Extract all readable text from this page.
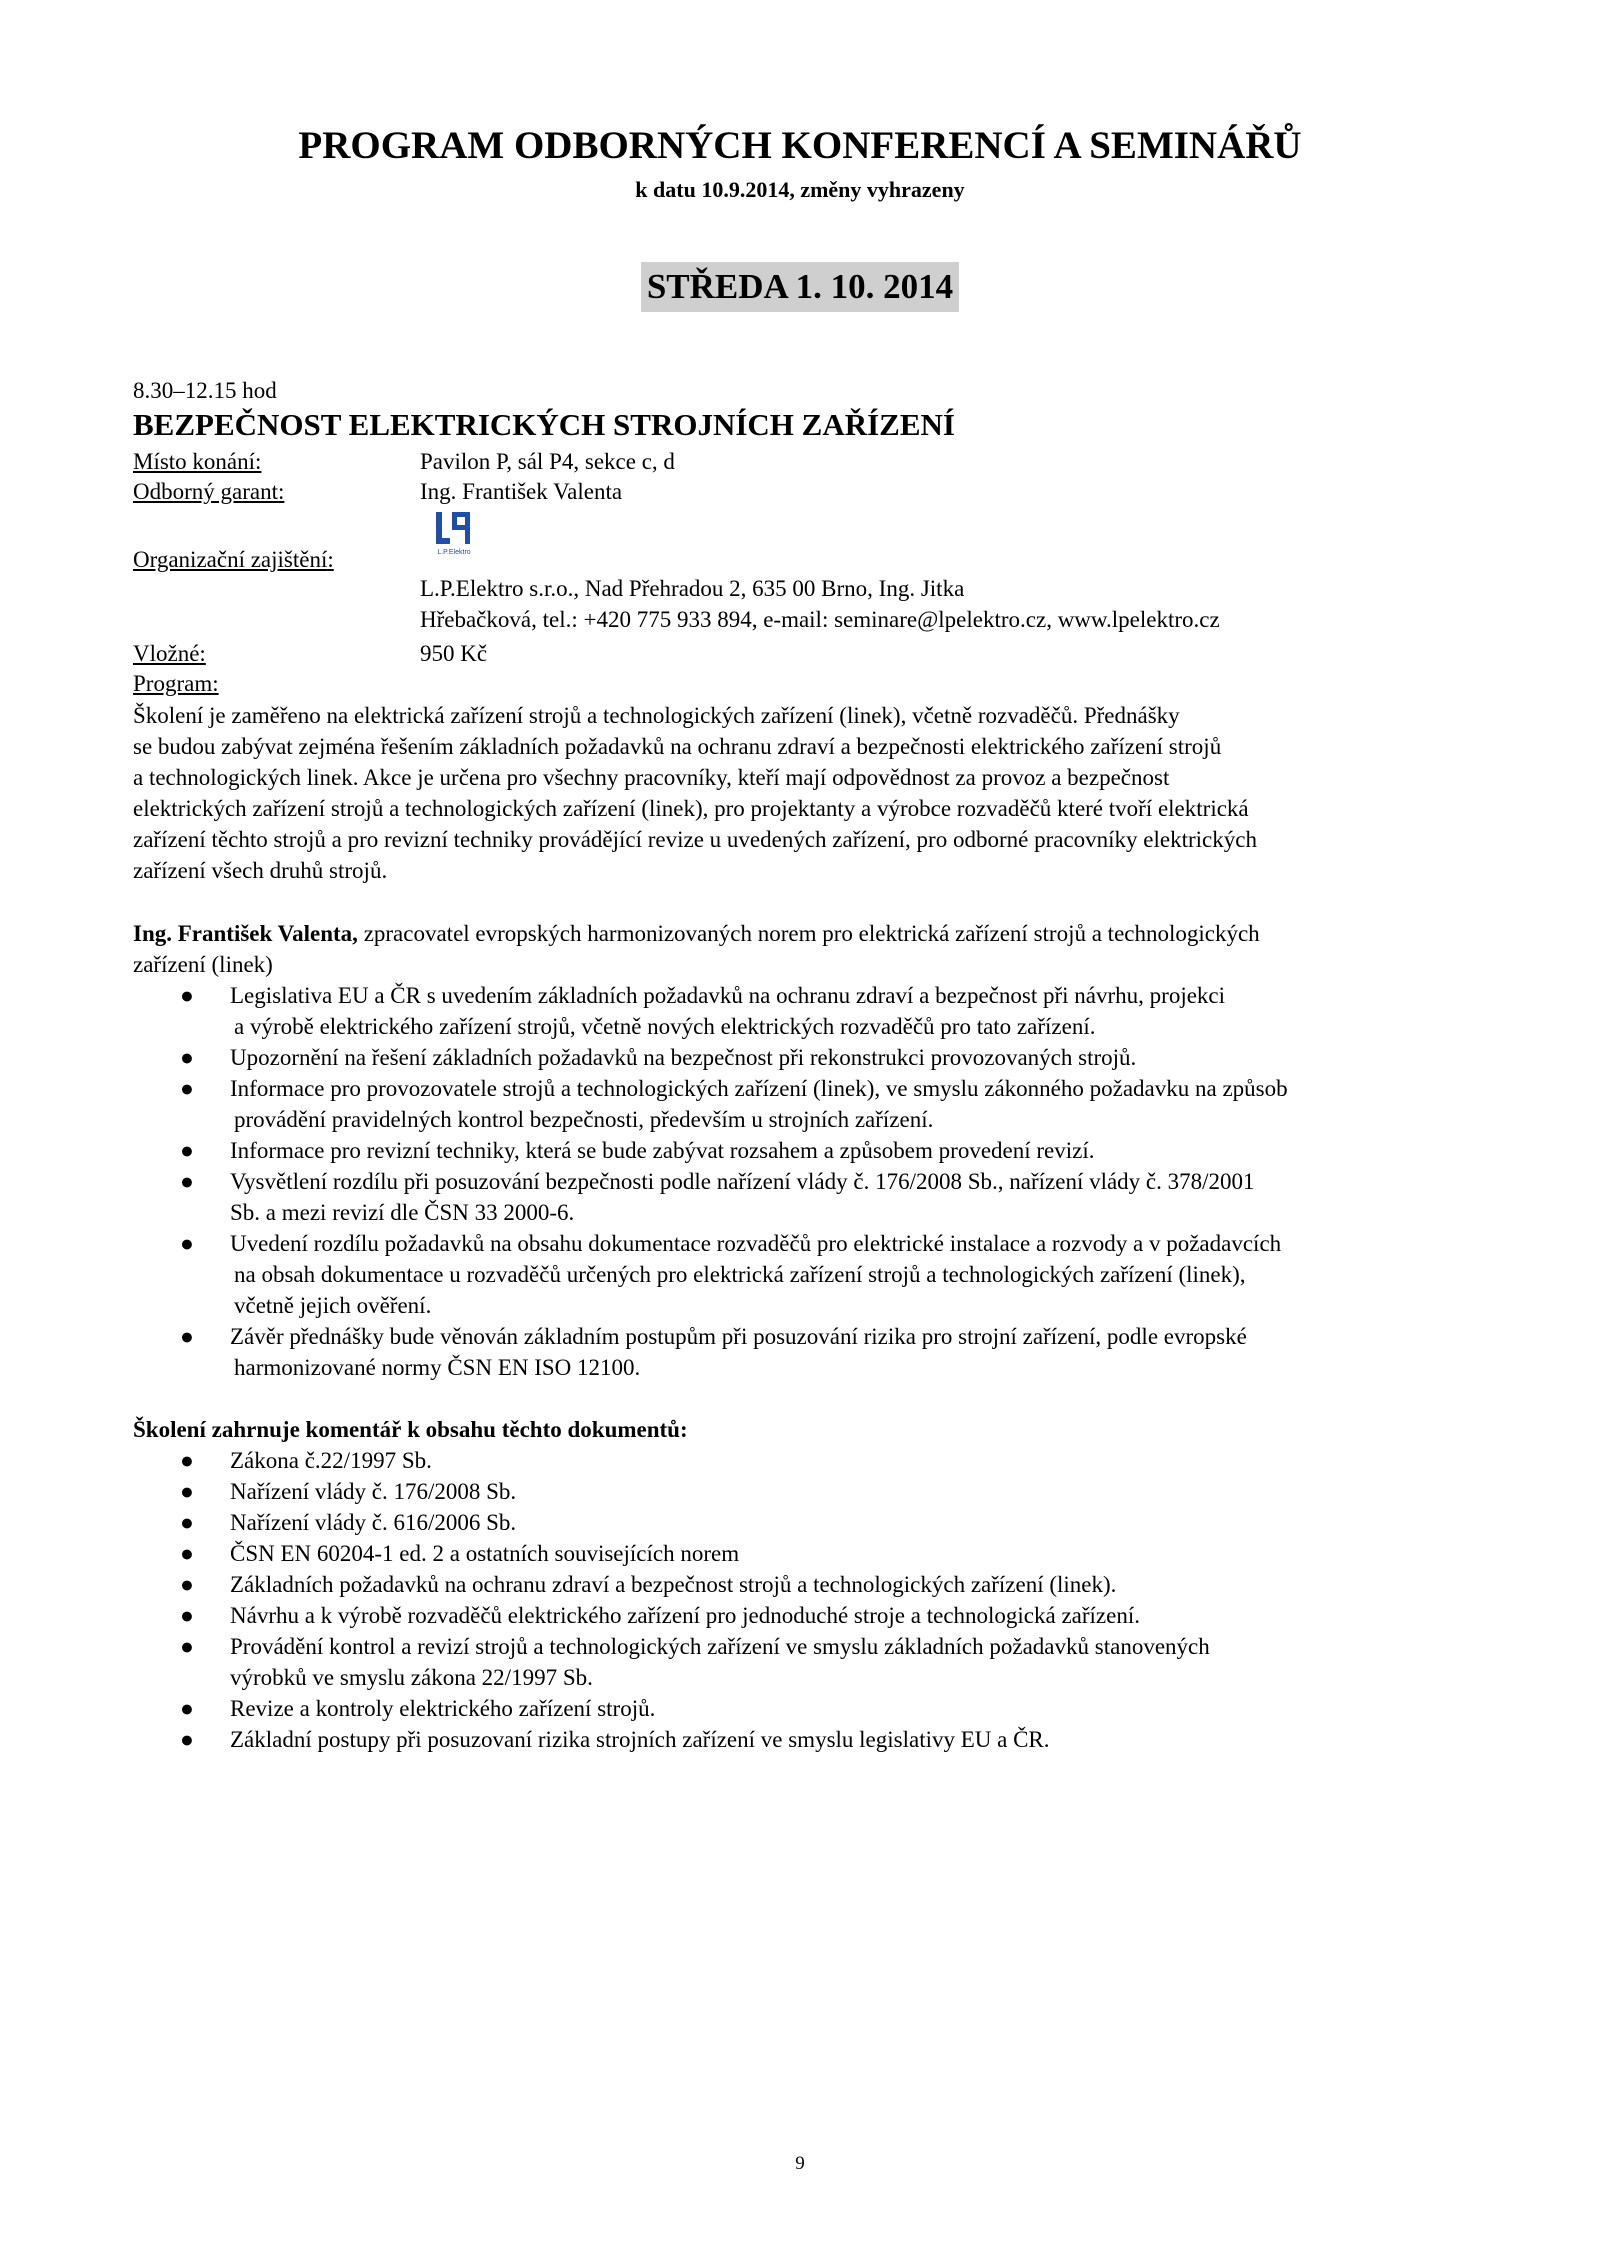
PROGRAM ODBORNÝCH KONFERENCÍ A SEMINÁŘŮ
k datu 10.9.2014, změny vyhrazeny
STŘEDA 1. 10. 2014
8.30–12.15 hod
BEZPEČNOST ELEKTRICKÝCH STROJNÍCH ZAŘÍZENÍ
Místo konání:	Pavilon P, sál P4, sekce c, d
Odborný garant:	Ing. František Valenta
Organizační zajištění:	L.P.Elektro
L.P.Elektro s.r.o., Nad Přehradou 2, 635 00 Brno, Ing. Jitka
Hřebačková, tel.: +420 775 933 894, e-mail: seminare@lpelektro.cz, www.lpelektro.cz
Vložné:	950 Kč
Program:
Školení je zaměřeno na elektrická zařízení strojů a technologických zařízení (linek), včetně rozvaděčů. Přednášky
se budou zabývat zejména řešením základních požadavků na ochranu zdraví a bezpečnosti elektrického zařízení strojů
a technologických linek. Akce je určena pro všechny pracovníky, kteří mají odpovědnost za provoz a bezpečnost
elektrických zařízení strojů a technologických zařízení (linek), pro projektanty a výrobce rozvaděčů které tvoří elektrická
zařízení těchto strojů a pro revizní techniky provádějící revize u uvedených zařízení, pro odborné pracovníky elektrických
zařízení všech druhů strojů.
Ing. František Valenta, zpracovatel evropských harmonizovaných norem pro elektrická zařízení strojů a technologických
zařízení (linek)
● Legislativa EU a ČR s uvedením základních požadavků na ochranu zdraví a bezpečnost při návrhu, projekci
a výrobě elektrického zařízení strojů, včetně nových elektrických rozvaděčů pro tato zařízení.
● Upozornění na řešení základních požadavků na bezpečnost při rekonstrukci provozovaných strojů.
● Informace pro provozovatele strojů a technologických zařízení (linek), ve smyslu zákonného požadavku na způsob
provádění pravidelných kontrol bezpečnosti, především u strojních zařízení.
● Informace pro revizní techniky, která se bude zabývat rozsahem a způsobem provedení revizí.
● Vysvětlení rozdílu při posuzování bezpečnosti podle nařízení vlády č. 176/2008 Sb., nařízení vlády č. 378/2001
Sb. a mezi revizí dle ČSN 33 2000-6.
● Uvedení rozdílu požadavků na obsahu dokumentace rozvaděčů pro elektrické instalace a rozvody a v požadavcích
na obsah dokumentace u rozvaděčů určených pro elektrická zařízení strojů a technologických zařízení (linek),
včetně jejich ověření.
● Závěr přednášky bude věnován základním postupům při posuzování rizika pro strojní zařízení, podle evropské
harmonizované normy ČSN EN ISO 12100.
Školení zahrnuje komentář k obsahu těchto dokumentů:
● Zákona č.22/1997 Sb.
● Nařízení vlády č. 176/2008 Sb.
● Nařízení vlády č. 616/2006 Sb.
● ČSN EN 60204-1 ed. 2 a ostatních souvisejících norem
● Základních požadavků na ochranu zdraví a bezpečnost strojů a technologických zařízení (linek).
● Návrhu a k výrobě rozvaděčů elektrického zařízení pro jednoduché stroje a technologická zařízení.
● Provádění kontrol a revizí strojů a technologických zařízení ve smyslu základních požadavků stanovených
výrobků ve smyslu zákona 22/1997 Sb.
● Revize a kontroly elektrického zařízení strojů.
● Základní postupy při posuzovaní rizika strojních zařízení ve smyslu legislativy EU a ČR.
9
